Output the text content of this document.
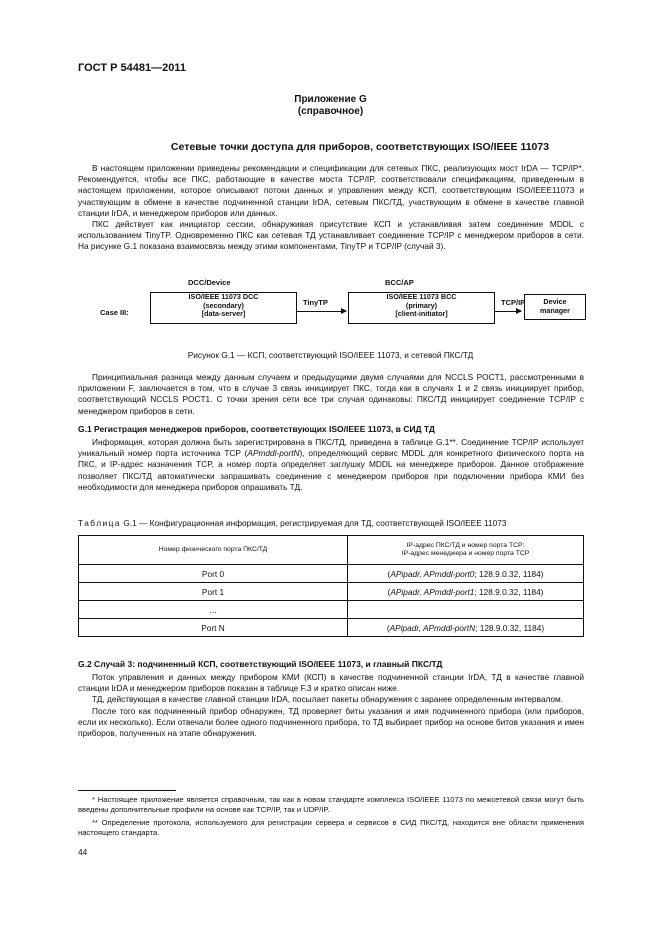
ГОСТ Р 54481—2011
Приложение G
(справочное)
Сетевые точки доступа для приборов, соответствующих ISO/IEEE 11073

В настоящем приложении приведены рекомендации и спецификации для сетевых ПКС, реализующих мост IrDA — TCP/IP*. Рекомендуется, чтобы все ПКС, работающие в качестве моста TCP/IP, соответствовали спецификациям, приведенным в настоящем приложении, которое описывают потоки данных и управления между КСП, соответствующим ISO/IEEE11073 и участвующим в обмене в качестве подчиненной станции IrDA, сетевым ПКС/ТД, участвующим в обмене в качестве главной станции IrDA, и менеджером приборов или данных.

ПКС действует как инициатор сессии, обнаруживая присутствие КСП и устанавливая затем соединение MDDL с использованием TinyTP. Одновременно ПКС как сетевая ТД устанавливает соединение TCP/IP с менеджером приборов в сети. На рисунке G.1 показана взаимосвязь между этими компонентами, TinyTP и TCP/IP (случай 3).

DCC/Device	BCC/AP
Case III:
ISO/IEEE 11073 DCC
(secondary)
[data-server]
TinyTP
ISO/IEEE 11073 BCC
(primary)
[client-initiator]
TCP/IP	Device
manager
Рисунок G.1 — КСП, соответствующий ISO/IEEE 11073, и сетевой ПКС/ТД

Принципиальная разница между данным случаем и предыдущими двумя случаями для NCCLS POCT1, рассмотренными в приложении F, заключается в том, что в случае 3 связь инициирует ПКС, тогда как в случаях 1 и 2 связь инициирует прибор, соответствующий NCCLS POCT1. С точки зрения сети все три случая одинаковы: ПКС/ТД инициирует соединение TCP/IP с менеджером приборов в сети.

G.1 Регистрация менеджеров приборов, соответствующих ISO/IEEE 11073, в СИД ТД

Информация, которая должна быть зарегистрирована в ПКС/ТД, приведена в таблице G.1**. Соединение TCP/IP использует уникальный номер порта источника TCP (APmddl-portN), определяющий сервис MDDL для конкретного физического порта на ПКС, и IP-адрес назначения TCP, а номер порта определяет заглушку MDDL на менеджере приборов. Данное отображение позволяет ПКС/ТД автоматически запрашивать соединение с менеджером приборов при подключении прибора КМИ без необходимости для менеджера приборов опрашивать ТД.

Таблица G.1 — Конфигурационная информация, регистрируемая для ТД, соответствующей ISO/IEEE 11073
Номер физического порта ПКС/ТД	IP-адрес ПКС/ТД и номер порта TCP:
IP-адрес менеджера и номер порта TCP

Port 0	(APipadr, APmddl-port0; 128.9.0.32, 1184)
Port 1	(APipadr, APmddl-port1; 128.9.0.32, 1184)
…	
Port N	(APipadr, APmddl-portN; 128.9.0.32, 1184)
G.2 Случай 3: подчиненный КСП, соответствующий ISO/IEEE 11073, и главный ПКС/ТД

Поток управления и данных между прибором КМИ (КСП) в качестве подчиненной станции IrDA, ТД в качестве главной станции IrDA и менеджером приборов показан в таблице F.3 и кратко описан ниже.

ТД, действующая в качестве главной станции IrDA, посылает пакеты обнаружения с заранее определенным интервалом.

После того как подчиненный прибор обнаружен, ТД проверяет биты указания и имя подчиненного прибора (или приборов, если их несколько). Если отвечали более одного подчиненного прибора, то ТД выбирает прибор на основе битов указания и имен приборов, полученных на этапе обнаружения.

* Настоящее приложение является справочным, так как в новом стандарте комплекса ISO/IEEE 11073 по межсетевой связи могут быть введены дополнительные профили на основе как TCP/IP, так и UDP/IP.

** Определение протокола, используемого для регистрации сервера и сервисов в СИД ПКС/ТД, находится вне области применения настоящего стандарта.

44
